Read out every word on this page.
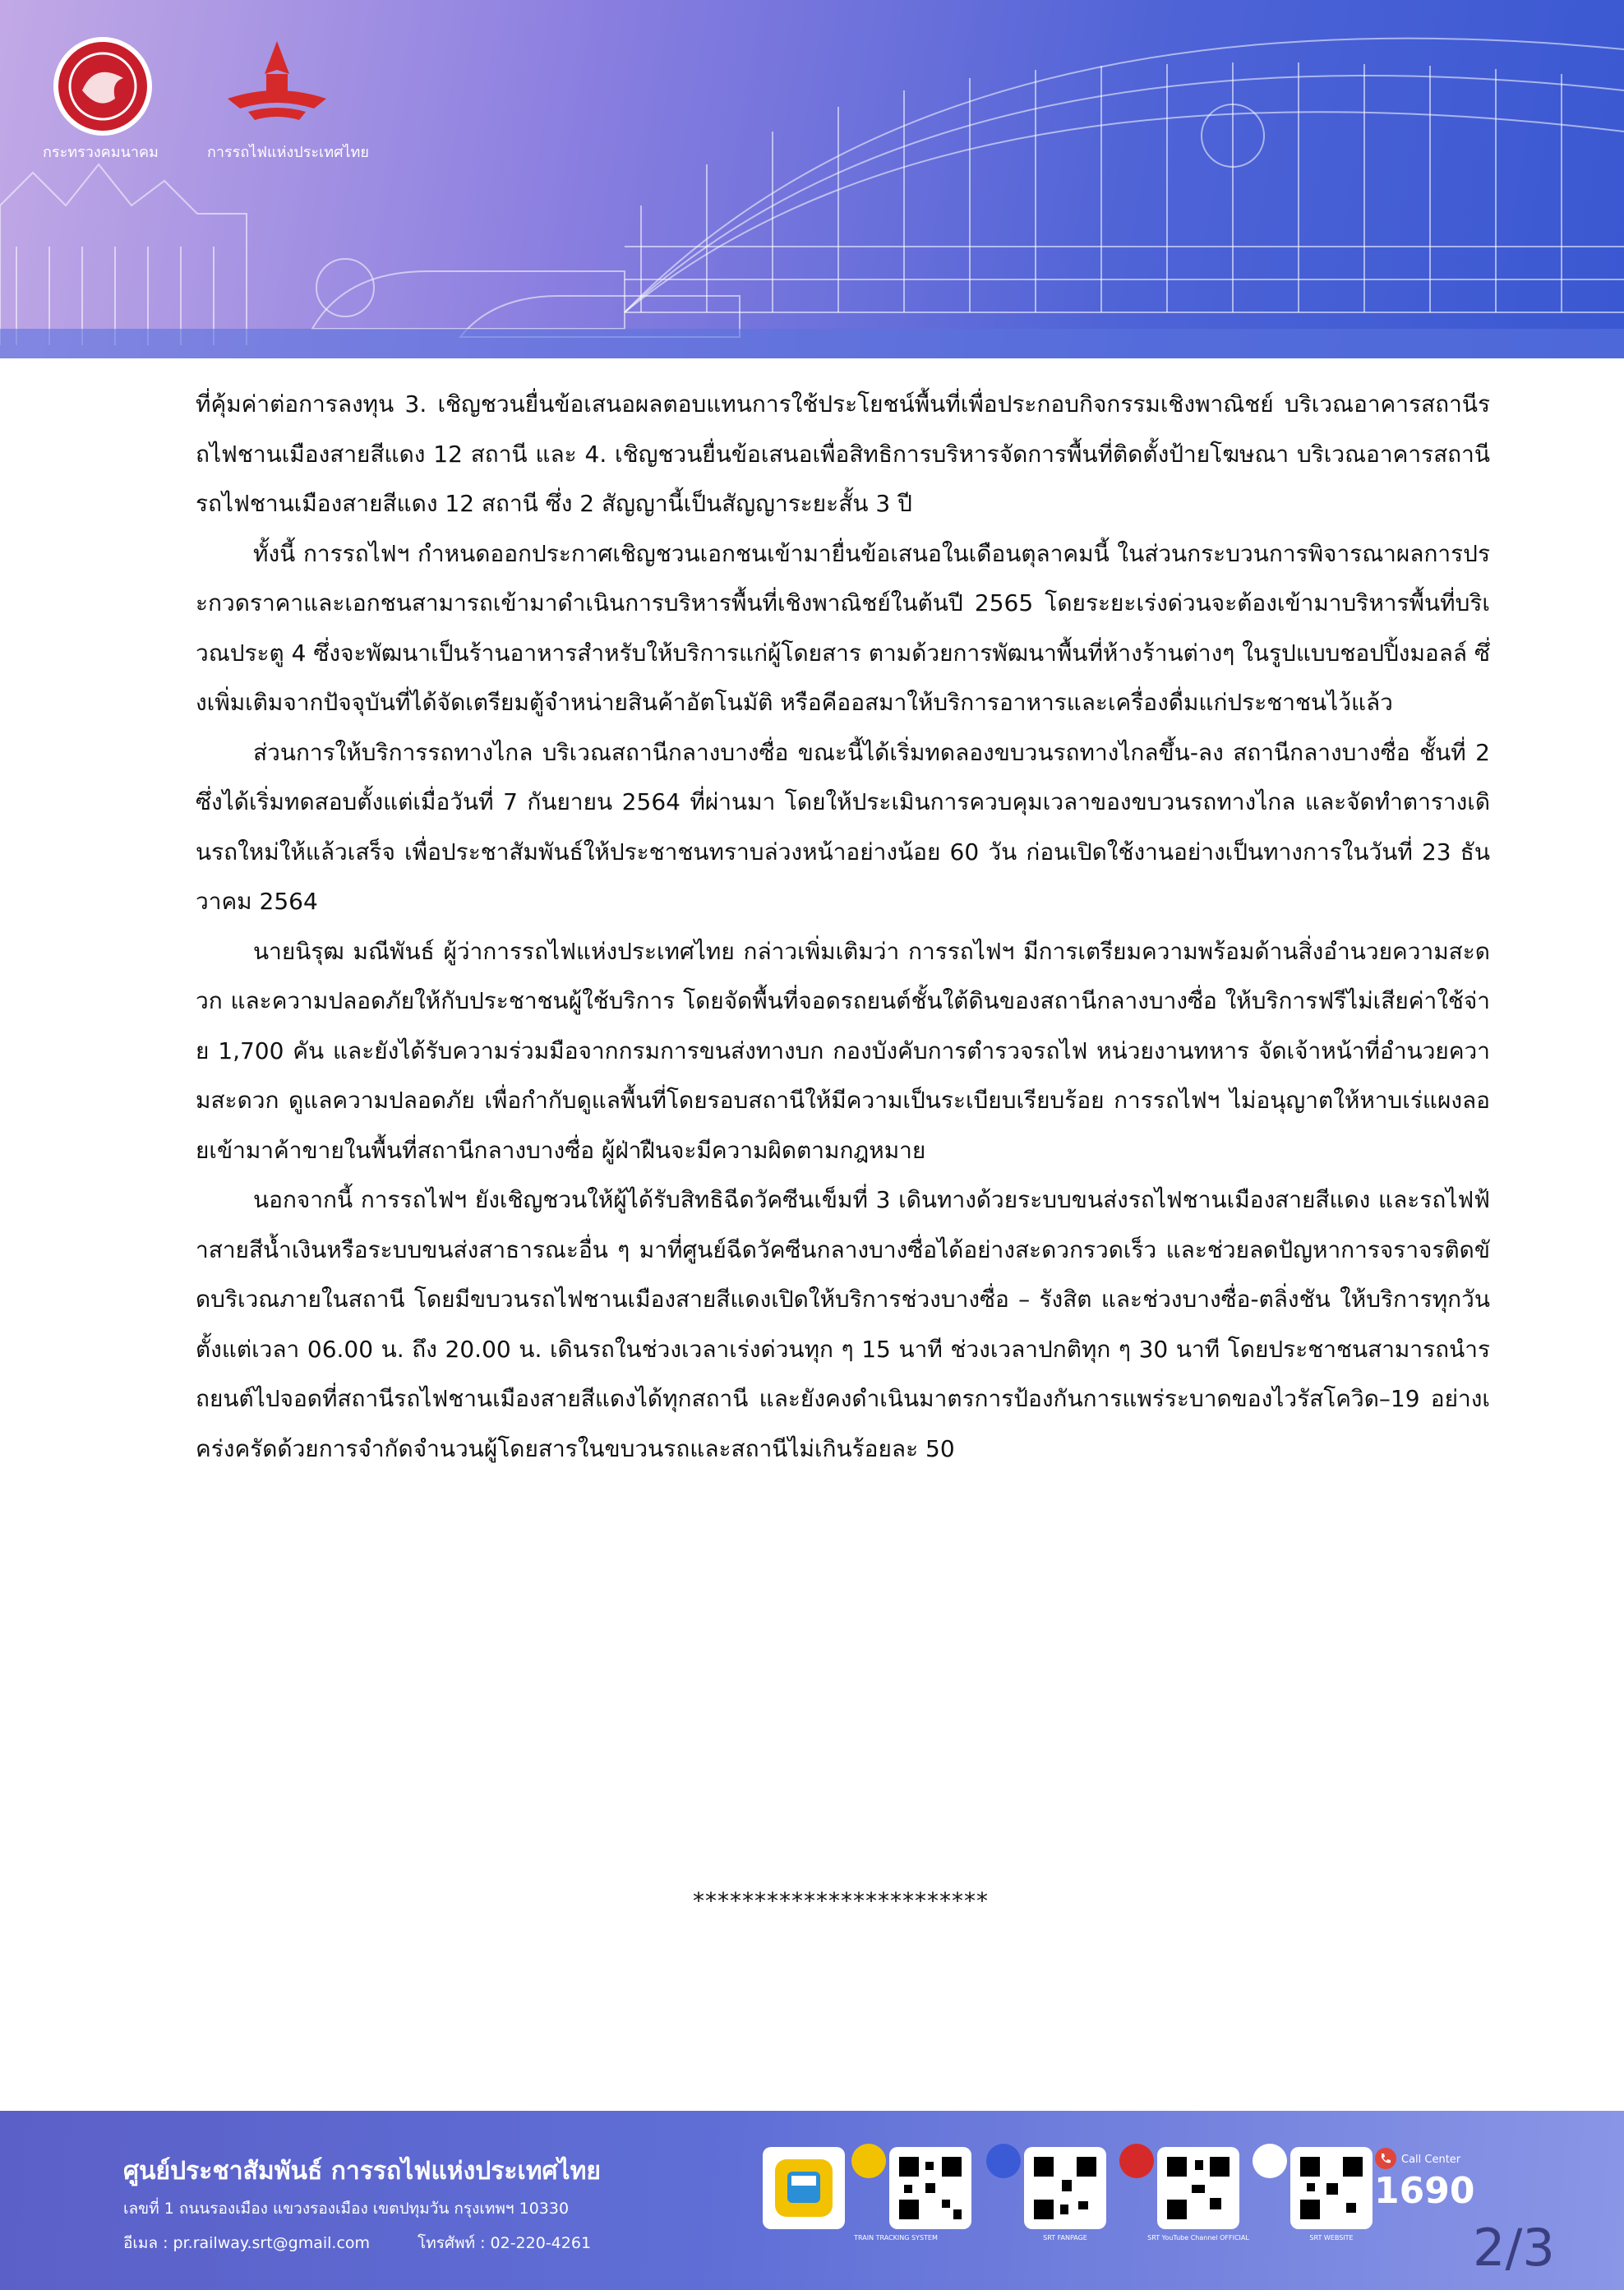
กระทรวงคมนาคม	การรถไฟแห่งประเทศไทย

ที่คุ้มค่าต่อการลงทุน 3. เชิญชวนยื่นข้อเสนอผลตอบแทนการใช้ประโยชน์พื้นที่เพื่อประกอบกิจกรรมเชิงพาณิชย์ บริเวณอาคารสถานีรถไฟชานเมืองสายสีแดง 12 สถานี และ 4. เชิญชวนยื่นข้อเสนอเพื่อสิทธิการบริหารจัดการพื้นที่ติดตั้งป้ายโฆษณา บริเวณอาคารสถานีรถไฟชานเมืองสายสีแดง 12 สถานี ซึ่ง 2 สัญญานี้เป็นสัญญาระยะสั้น 3 ปี

ทั้งนี้ การรถไฟฯ กำหนดออกประกาศเชิญชวนเอกชนเข้ามายื่นข้อเสนอในเดือนตุลาคมนี้ ในส่วนกระบวนการพิจารณาผลการประกวดราคาและเอกชนสามารถเข้ามาดำเนินการบริหารพื้นที่เชิงพาณิชย์ในต้นปี 2565 โดยระยะเร่งด่วนจะต้องเข้ามาบริหารพื้นที่บริเวณประตู 4 ซึ่งจะพัฒนาเป็นร้านอาหารสำหรับให้บริการแก่ผู้โดยสาร ตามด้วยการพัฒนาพื้นที่ห้างร้านต่างๆ ในรูปแบบชอปปิ้งมอลล์ ซึ่งเพิ่มเติมจากปัจจุบันที่ได้จัดเตรียมตู้จำหน่ายสินค้าอัตโนมัติ หรือคีออสมาให้บริการอาหารและเครื่องดื่มแก่ประชาชนไว้แล้ว

ส่วนการให้บริการรถทางไกล บริเวณสถานีกลางบางซื่อ ขณะนี้ได้เริ่มทดลองขบวนรถทางไกลขึ้น-ลง สถานีกลางบางซื่อ ชั้นที่ 2 ซึ่งได้เริ่มทดสอบตั้งแต่เมื่อวันที่ 7 กันยายน 2564 ที่ผ่านมา โดยให้ประเมินการควบคุมเวลาของขบวนรถทางไกล และจัดทำตารางเดินรถใหม่ให้แล้วเสร็จ เพื่อประชาสัมพันธ์ให้ประชาชนทราบล่วงหน้าอย่างน้อย 60 วัน ก่อนเปิดใช้งานอย่างเป็นทางการในวันที่ 23 ธันวาคม 2564

นายนิรุฒ มณีพันธ์ ผู้ว่าการรถไฟแห่งประเทศไทย กล่าวเพิ่มเติมว่า การรถไฟฯ มีการเตรียมความพร้อมด้านสิ่งอำนวยความสะดวก และความปลอดภัยให้กับประชาชนผู้ใช้บริการ โดยจัดพื้นที่จอดรถยนต์ชั้นใต้ดินของสถานีกลางบางซื่อ ให้บริการฟรีไม่เสียค่าใช้จ่าย 1,700 คัน และยังได้รับความร่วมมือจากกรมการขนส่งทางบก กองบังคับการตำรวจรถไฟ หน่วยงานทหาร จัดเจ้าหน้าที่อำนวยความสะดวก ดูแลความปลอดภัย เพื่อกำกับดูแลพื้นที่โดยรอบสถานีให้มีความเป็นระเบียบเรียบร้อย การรถไฟฯ ไม่อนุญาตให้หาบเร่แผงลอยเข้ามาค้าขายในพื้นที่สถานีกลางบางซื่อ ผู้ฝ่าฝืนจะมีความผิดตามกฎหมาย

นอกจากนี้ การรถไฟฯ ยังเชิญชวนให้ผู้ได้รับสิทธิฉีดวัคซีนเข็มที่ 3 เดินทางด้วยระบบขนส่งรถไฟชานเมืองสายสีแดง และรถไฟฟ้าสายสีน้ำเงินหรือระบบขนส่งสาธารณะอื่น ๆ มาที่ศูนย์ฉีดวัคซีนกลางบางซื่อได้อย่างสะดวกรวดเร็ว และช่วยลดปัญหาการจราจรติดขัดบริเวณภายในสถานี โดยมีขบวนรถไฟชานเมืองสายสีแดงเปิดให้บริการช่วงบางซื่อ – รังสิต และช่วงบางซื่อ-ตลิ่งชัน ให้บริการทุกวัน ตั้งแต่เวลา 06.00 น. ถึง 20.00 น. เดินรถในช่วงเวลาเร่งด่วนทุก ๆ 15 นาที ช่วงเวลาปกติทุก ๆ 30 นาที โดยประชาชนสามารถนำรถยนต์ไปจอดที่สถานีรถไฟชานเมืองสายสีแดงได้ทุกสถานี และยังคงดำเนินมาตรการป้องกันการแพร่ระบาดของไวรัสโควิด–19 อย่างเคร่งครัดด้วยการจำกัดจำนวนผู้โดยสารในขบวนรถและสถานีไม่เกินร้อยละ 50

************************
ศูนย์ประชาสัมพันธ์ การรถไฟแห่งประเทศไทย
เลขที่ 1 ถนนรองเมือง แขวงรองเมือง เขตปทุมวัน กรุงเทพฯ 10330
อีเมล : pr.railway.srt@gmail.com	โทรศัพท์ : 02-220-4261	TRAIN TRACKING SYSTEM	SRT FANPAGE	SRT YouTube Channel OFFICIAL	SRT WEBSITE
Call Center
1690
2/3
